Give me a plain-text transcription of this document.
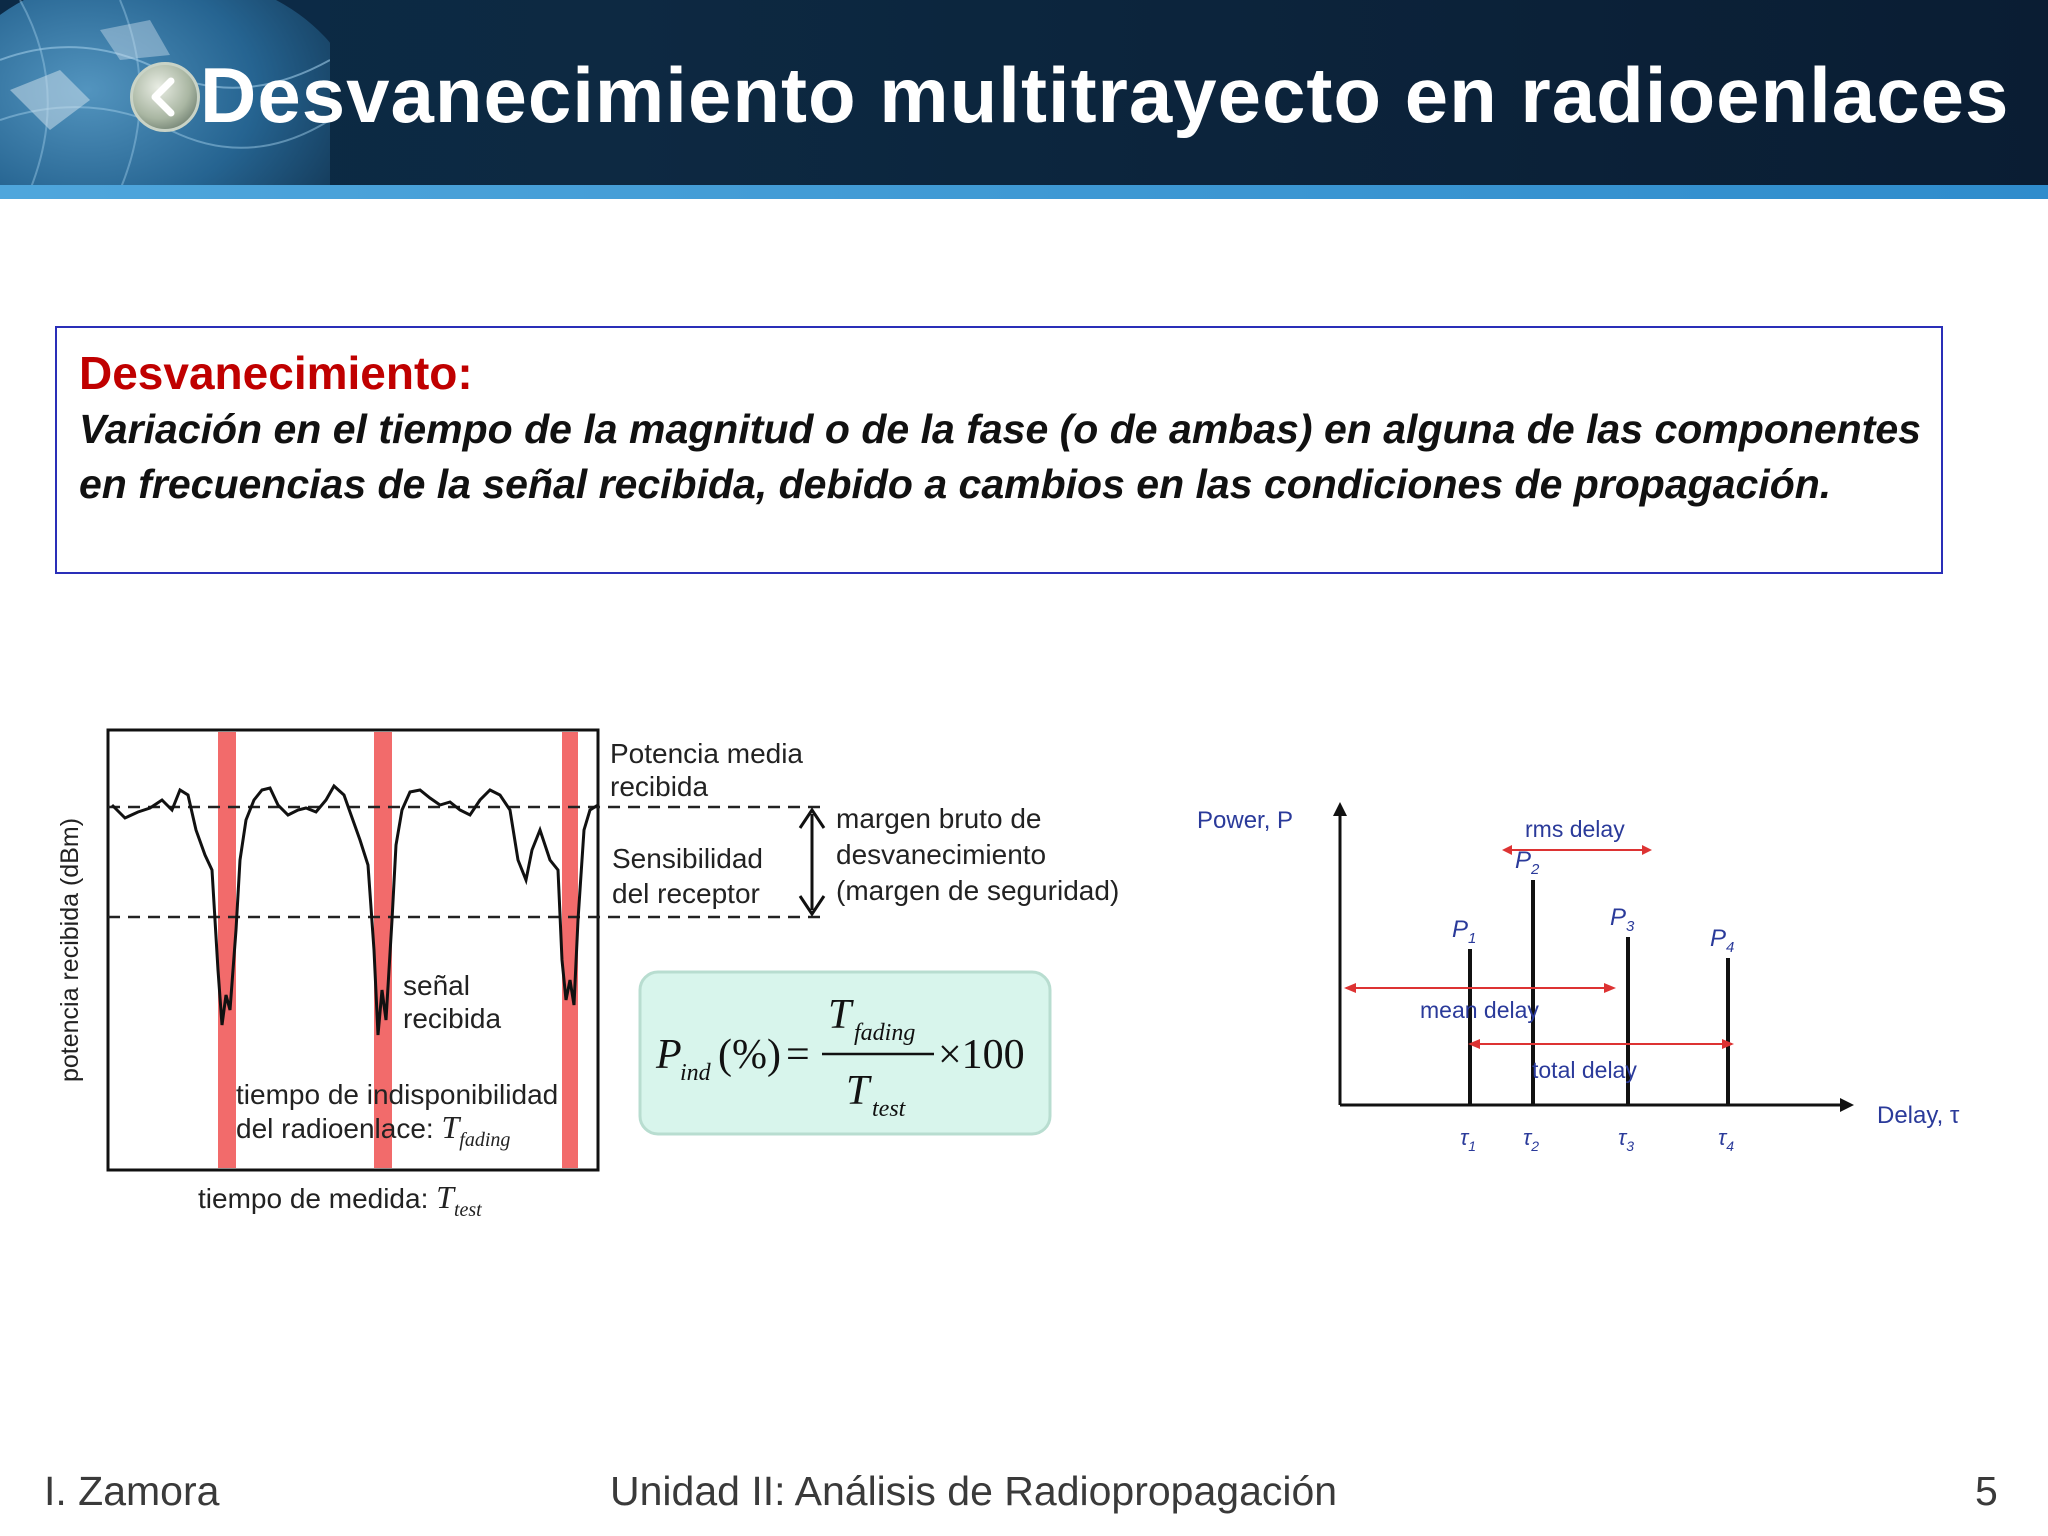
Desvanecimiento multitrayecto en radioenlaces
Desvanecimiento:
Variación en el tiempo de la magnitud o de la fase (o de ambas) en alguna de las componentes en frecuencias de la señal recibida, debido a cambios en las condiciones de propagación.
potencia recibida (dBm)
Potencia media
recibida
Sensibilidad
del receptor
margen bruto de
desvanecimiento
(margen de seguridad)
señal
recibida
tiempo de indisponibilidad
del radioenlace: $T_{fading}$
tiempo de medida: $T_{test}$
P
ind (%) =
T fading
T test
×100
Power, P
Delay, τ
$P_1$
$\tau_1$
$P_2$
$\tau_2$
$P_3$
$\tau_3$
$P_4$
$\tau_4$
rms delay
mean delay
total delay
I. Zamora	Unidad II: Análisis de Radiopropagación	5
